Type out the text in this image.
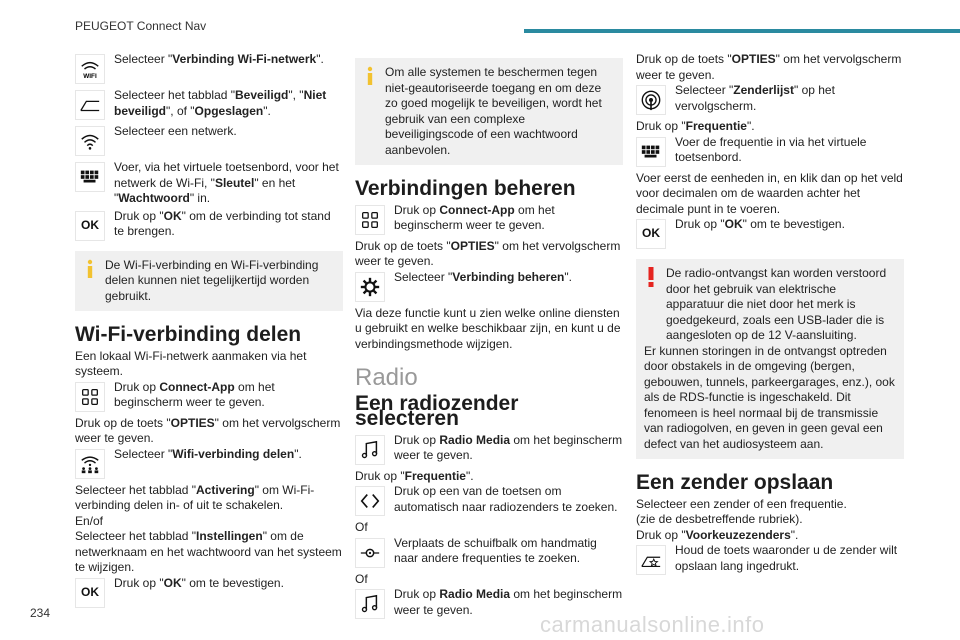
PEUGEOT Connect Nav
WIFI

Selecteer "Verbinding Wi-Fi-netwerk".

Selecteer het tabblad "Beveiligd", "Niet beveiligd", of "Opgeslagen".

Selecteer een netwerk.

Voer, via het virtuele toetsenbord, voor het netwerk de Wi-Fi, "Sleutel" en het "Wachtwoord" in.

OK

Druk op "OK" om de verbinding tot stand te brengen.

De Wi-Fi-verbinding en Wi-Fi-verbinding delen kunnen niet tegelijkertijd worden gebruikt.

Wi-Fi-verbinding delen

Een lokaal Wi-Fi-netwerk aanmaken via het systeem.

Druk op Connect-App om het beginscherm weer te geven.

Druk op de toets "OPTIES" om het vervolgscherm weer te geven.

Selecteer "Wifi-verbinding delen".

Selecteer het tabblad "Activering" om Wi-Fi-verbinding delen in- of uit te schakelen.

En/of

Selecteer het tabblad "Instellingen" om de netwerknaam en het wachtwoord van het systeem te wijzigen.

OK

Druk op "OK" om te bevestigen.

Om alle systemen te beschermen tegen niet-geautoriseerde toegang en om deze zo goed mogelijk te beveiligen, wordt het gebruik van een complexe beveiligingscode of een wachtwoord aanbevolen.

Verbindingen beheren

Druk op Connect-App om het beginscherm weer te geven.

Druk op de toets "OPTIES" om het vervolgscherm weer te geven.

Selecteer "Verbinding beheren".

Via deze functie kunt u zien welke online diensten u gebruikt en welke beschikbaar zijn, en kunt u de verbindingsmethode wijzigen.

Radio
Een radiozender selecteren

Druk op Radio Media om het beginscherm weer te geven.

Druk op "Frequentie".

Druk op een van de toetsen om automatisch naar radiozenders te zoeken.

Of

Verplaats de schuifbalk om handmatig naar andere frequenties te zoeken.

Of

Druk op Radio Media om het beginscherm weer te geven.

Druk op de toets "OPTIES" om het vervolgscherm weer te geven.

Selecteer "Zenderlijst" op het vervolgscherm.

Druk op "Frequentie".

Voer de frequentie in via het virtuele toetsenbord.

Voer eerst de eenheden in, en klik dan op het veld voor decimalen om de waarden achter het decimale punt in te voeren.

OK

Druk op "OK" om te bevestigen.

De radio-ontvangst kan worden verstoord door het gebruik van elektrische apparatuur die niet door het merk is goedgekeurd, zoals een USB-lader die is aangesloten op de 12 V-aansluiting.

Er kunnen storingen in de ontvangst optreden door obstakels in de omgeving (bergen, gebouwen, tunnels, parkeergarages, enz.), ook als de RDS-functie is ingeschakeld. Dit fenomeen is heel normaal bij de transmissie van radiogolven, en geven in geen geval een defect van het audiosysteem aan.

Een zender opslaan

Selecteer een zender of een frequentie.

(zie de desbetreffende rubriek).

Druk op "Voorkeuzezenders".

Houd de toets waaronder u de zender wilt opslaan lang ingedrukt.

234	carmanualsonline.info
